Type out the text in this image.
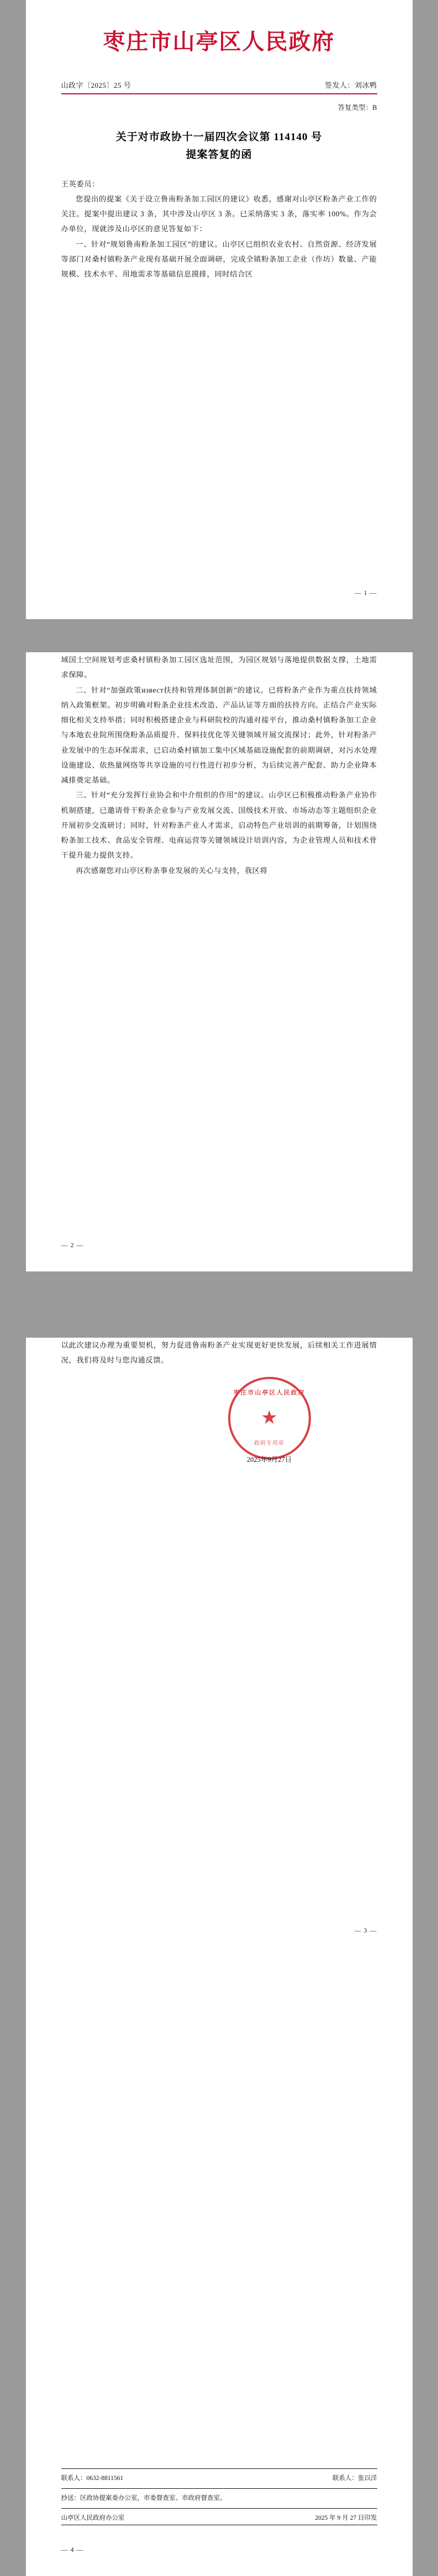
枣庄市山亭区人民政府
山政字〔2025〕25 号	签发人：刘冰鸭
答复类型：B
关于对市政协十一届四次会议第 114140 号
提案答复的函

王英委员：

您提出的提案《关于设立鲁南粉条加工园区的建议》收悉，感谢对山亭区粉条产业工作的关注。提案中提出建议 3 条，其中涉及山亭区 3 条。已采纳落实 3 条，落实率 100%。作为会办单位，现就涉及山亭区的意见答复如下：

一、针对“规划鲁南粉条加工园区”的建议。山亭区已组织农业农村、自然资源、经济发展等部门对桑村镇粉条产业现有基础开展全面调研，完成全镇粉条加工企业（作坊）数量、产能规模、技术水平、用地需求等基础信息摸排，同时结合区

— 1 —

域国土空间规划考虑桑村镇粉条加工园区选址范围，为园区规划与落地提供数据支撑，土地需求保障。

二、针对“加强政策извест扶持和管理体制创新”的建议。已将粉条产业作为重点扶持领域纳入政策框架。初步明确对粉条企业技术改造、产品认证等方面的扶持方向。正结合产业实际细化相关支持举措；同时积极搭建企业与科研院校的沟通对接平台，推动桑村镇粉条加工企业与本地农业院所围绕粉条品质提升、保料技优化等关键领域开展交流探讨；此外，针对粉条产业发展中的生态环保需求，已启动桑村镇加工集中区域基础设施配套的前期调研，对污水处理设施建设、依热量网络等共享设施的可行性进行初步分析，为后续完善产配套、助力企业降本减排奠定基础。

三、针对“充分发挥行业协会和中介组织的作用”的建议。山亭区已积极推动粉条产业协作机制搭建，已邀请骨干粉条企业参与产业发展交流、国级技术开放、市场动态等主题组织企业开展初步交流研讨；同时，针对粉条产业人才需求，启动特色产业培训的前期筹备，计划围绕粉条加工技术、食品安全管理、电商运营等关键领域设计培训内容，为企业管理人员和技术骨干提升能力提供支持。

再次感谢您对山亭区粉条事业发展的关心与支持，我区将

— 2 —

以此次建议办理为重要契机，努力促进鲁南粉条产业实现更好更快发展，后续相关工作进展情况，我们将及时与您沟通反馈。

枣庄市山亭区人民政府
★
政府专用章
2025年9月27日
— 3 —
联系人：0632-8811561	联系人：张以洋
抄送：区政协提案委办公室，市委督查室、市政府督查室。
山亭区人民政府办公室	2025 年 9 月 27 日印发
— 4 —
